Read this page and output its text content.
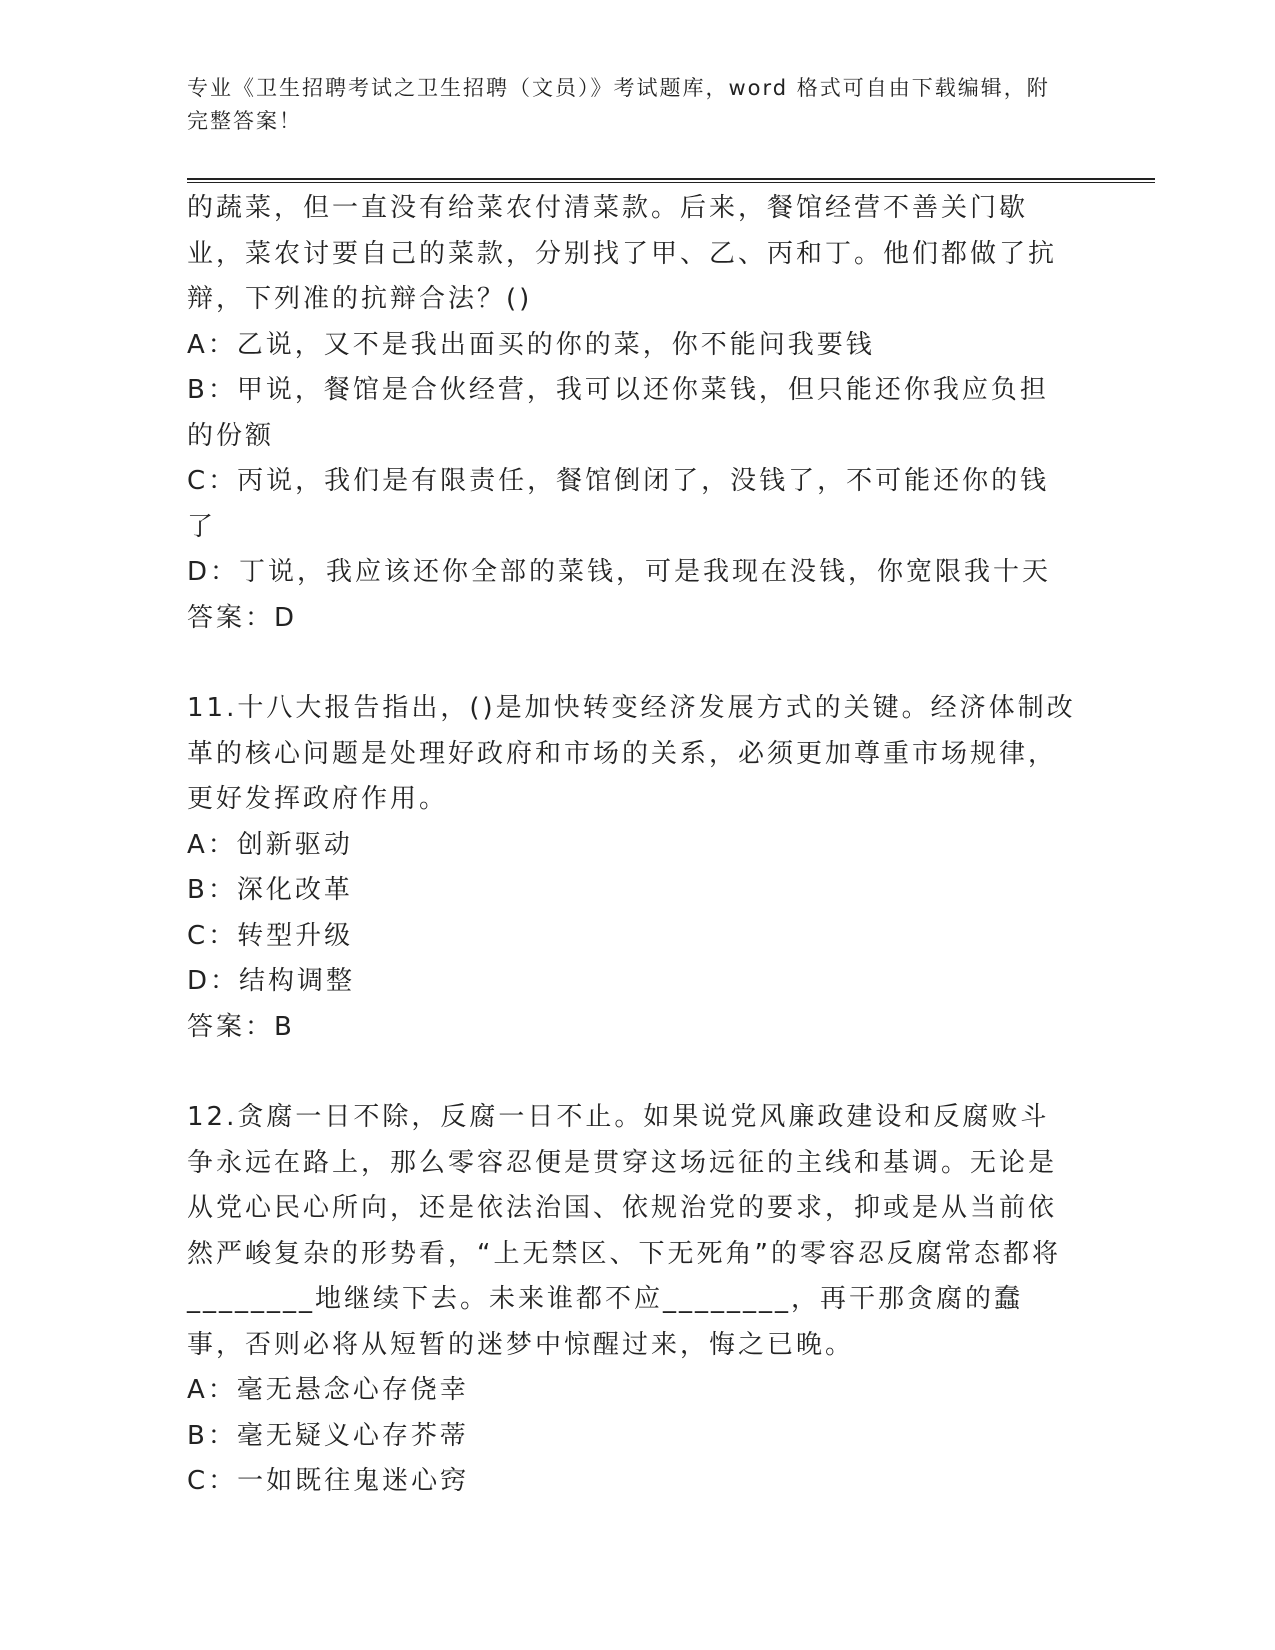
专业《卫生招聘考试之卫生招聘（文员）》考试题库，word 格式可自由下载编辑，附完整答案！

的蔬菜，但一直没有给菜农付清菜款。后来，餐馆经营不善关门歇业，菜农讨要自己的菜款，分别找了甲、乙、丙和丁。他们都做了抗辩，下列准的抗辩合法？()

A：乙说，又不是我出面买的你的菜，你不能问我要钱

B：甲说，餐馆是合伙经营，我可以还你菜钱，但只能还你我应负担的份额

C：丙说，我们是有限责任，餐馆倒闭了，没钱了，不可能还你的钱了

D：丁说，我应该还你全部的菜钱，可是我现在没钱，你宽限我十天

答案：D

11.十八大报告指出，()是加快转变经济发展方式的关键。经济体制改革的核心问题是处理好政府和市场的关系，必须更加尊重市场规律，更好发挥政府作用。

A：创新驱动

B：深化改革

C：转型升级

D：结构调整

答案：B

12.贪腐一日不除，反腐一日不止。如果说党风廉政建设和反腐败斗争永远在路上，那么零容忍便是贯穿这场远征的主线和基调。无论是从党心民心所向，还是依法治国、依规治党的要求，抑或是从当前依然严峻复杂的形势看，“上无禁区、下无死角”的零容忍反腐常态都将________地继续下去。未来谁都不应________，再干那贪腐的蠢事，否则必将从短暂的迷梦中惊醒过来，悔之已晚。

A：毫无悬念心存侥幸

B：毫无疑义心存芥蒂

C：一如既往鬼迷心窍
